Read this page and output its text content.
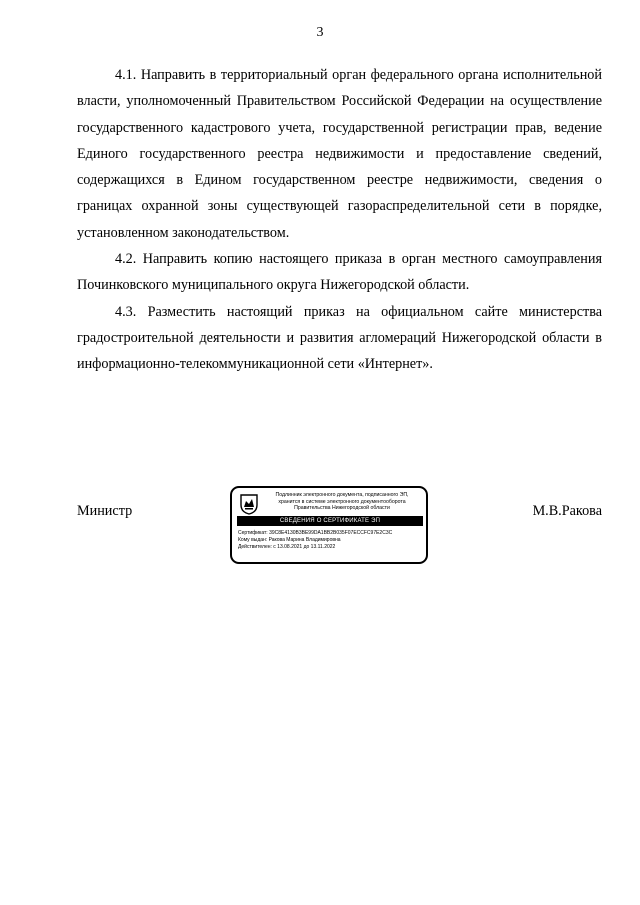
3

4.1. Направить в территориальный орган федерального органа исполнительной власти, уполномоченный Правительством Российской Федерации на осуществление государственного кадастрового учета, государственной регистрации прав, ведение Единого государственного реестра недвижимости и предоставление сведений, содержащихся в Едином государственном реестре недвижимости, сведения о границах охранной зоны существующей газораспределительной сети в порядке, установленном законодательством.

4.2. Направить копию настоящего приказа в орган местного самоуправления Починковского муниципального округа Нижегородской области.

4.3. Разместить настоящий приказ на официальном сайте министерства градостроительной деятельности и развития агломераций Нижегородской области в информационно-телекоммуникационной сети «Интернет».

Министр
Подлинник электронного документа, подписанного ЭП,
хранится в системе электронного документооборота
Правительства Нижегородской области
СВЕДЕНИЯ О СЕРТИФИКАТЕ ЭП
Сертификат: 39C8E4130B3BE99DA1BB2B035F07ECCFC97E2C3C
Кому выдан: Ракова Марина Владимировна
Действителен: с 13.08.2021 до 13.11.2022
М.В.Ракова
